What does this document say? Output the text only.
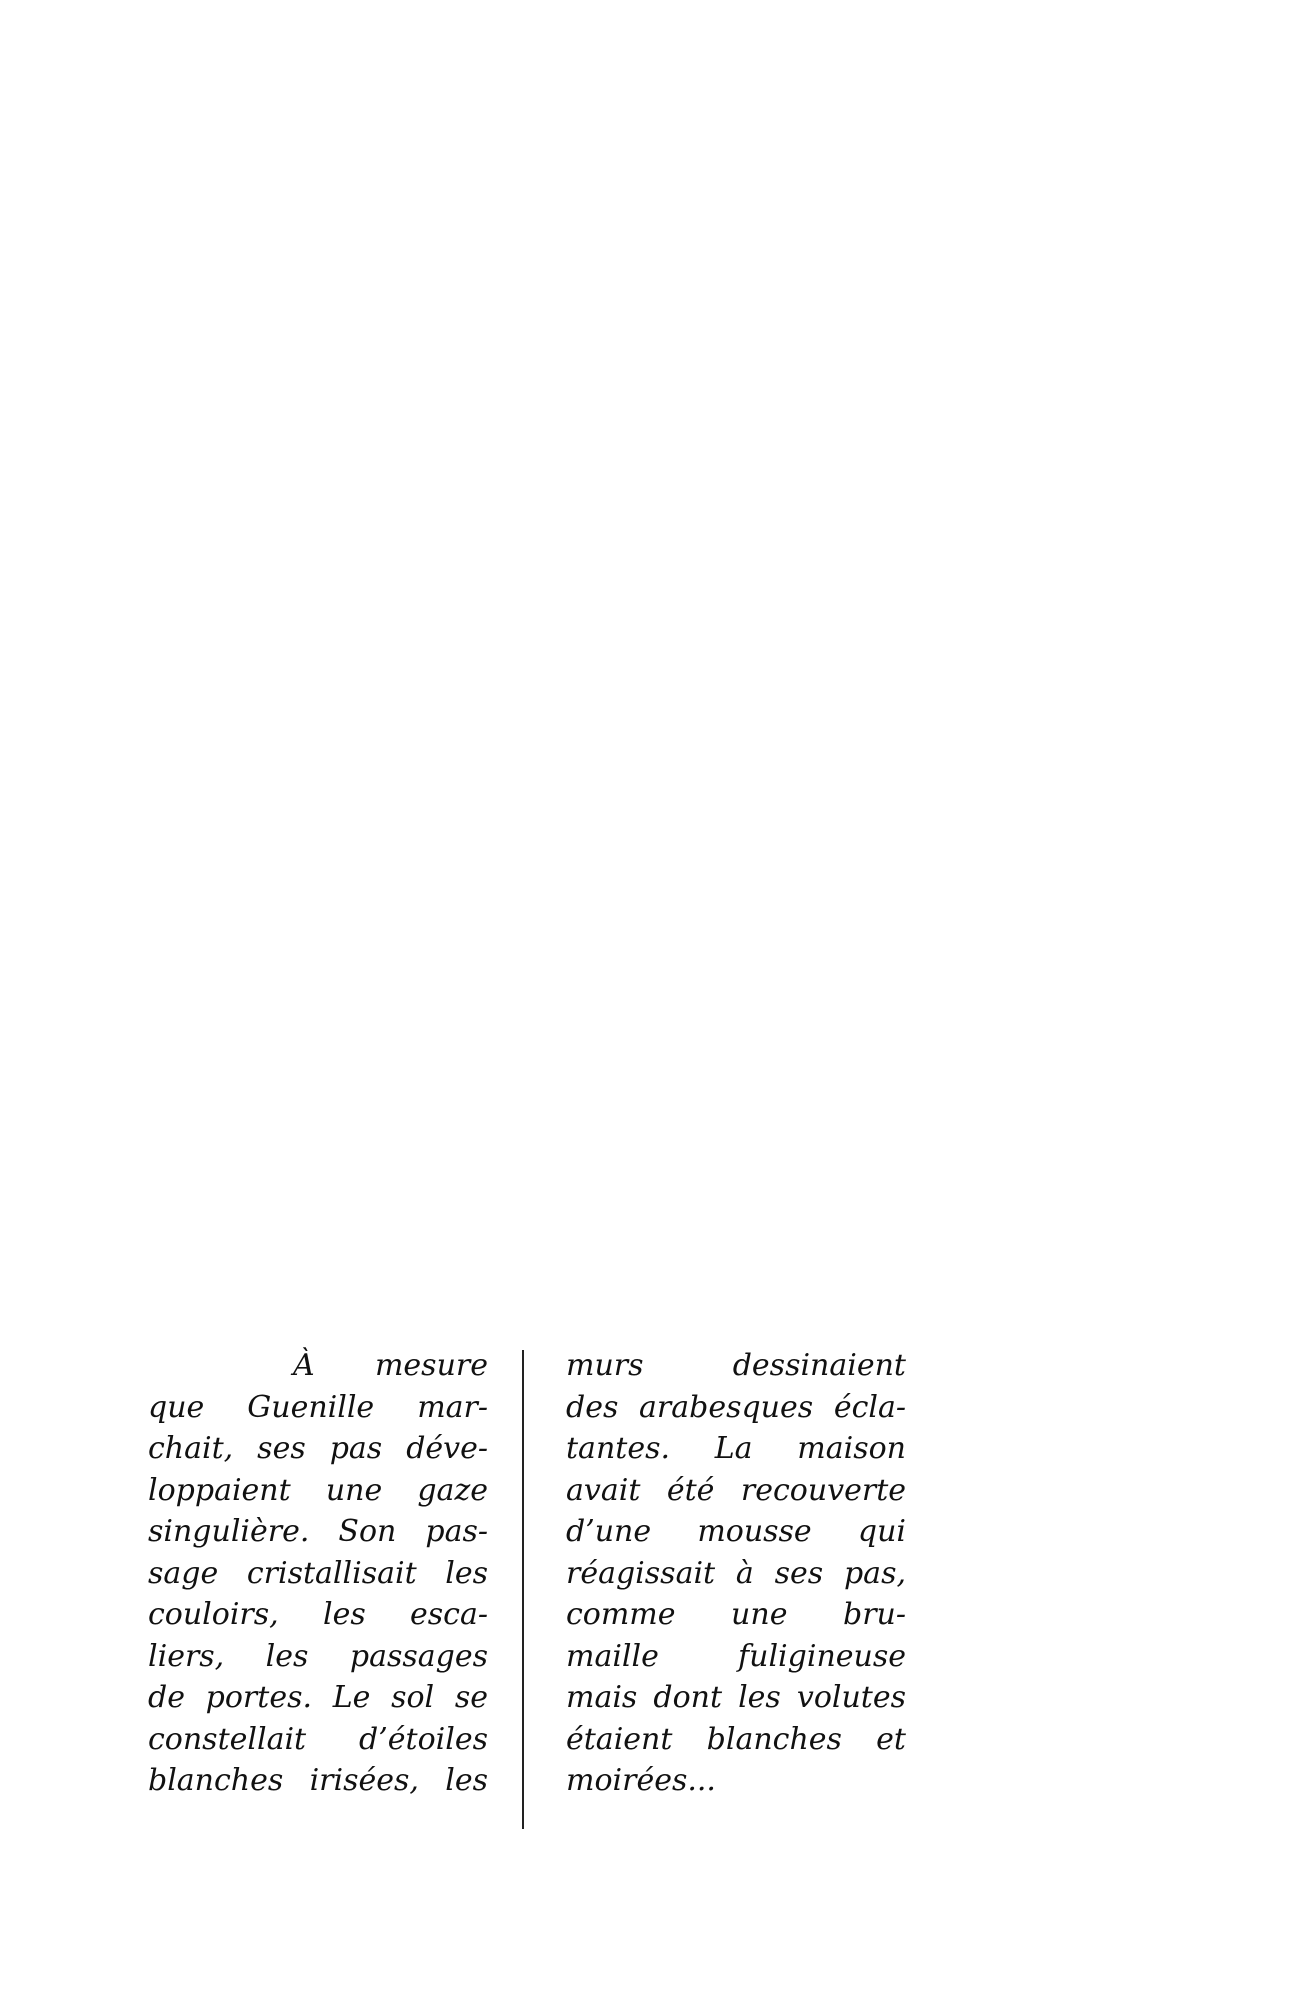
À mesure
que Guenille mar-
chait, ses pas déve-
loppaient une gaze
singulière. Son pas-
sage cristallisait les
couloirs, les esca-
liers, les passages
de portes. Le sol se
constellait d’étoiles
blanches irisées, les
murs dessinaient
des arabesques écla-
tantes. La maison
avait été recouverte
d’une mousse qui
réagissait à ses pas,
comme une bru-
maille fuligineuse
mais dont les volutes
étaient blanches et
moirées...
